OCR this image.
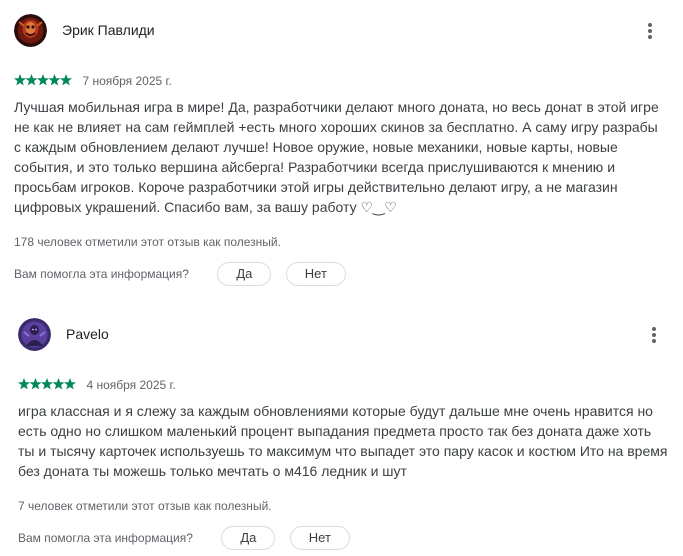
Эрик Павлиди
7 ноября 2025 г.
Лучшая мобильная игра в мире! Да, разработчики делают много доната, но весь донат в этой игре не как не влияет на сам геймплей +есть много хороших скинов за бесплатно. А саму игру разрабы с каждым обновлением делают лучше! Новое оружие, новые механики, новые карты, новые события, и это только вершина айсберга! Разработчики всегда прислушиваются к мнению и просьбам игроков. Короче разработчики этой игры действительно делают игру, а не магазин цифровых украшений. Спасибо вам, за вашу работу ♡‿♡
178 человек отметили этот отзыв как полезный.
Вам помогла эта информация?	Да	Нет
Pavelo
4 ноября 2025 г.
игра классная и я слежу за каждым обновлениями которые будут дальше мне очень нравится но есть одно но слишком маленький процент выпадания предмета просто так без доната даже хоть ты и тысячу карточек используешь то максимум что выпадет это пару касок и костюм Ито на время без доната ты можешь только мечтать о м416 ледник и шут
7 человек отметили этот отзыв как полезный.
Вам помогла эта информация?	Да	Нет
